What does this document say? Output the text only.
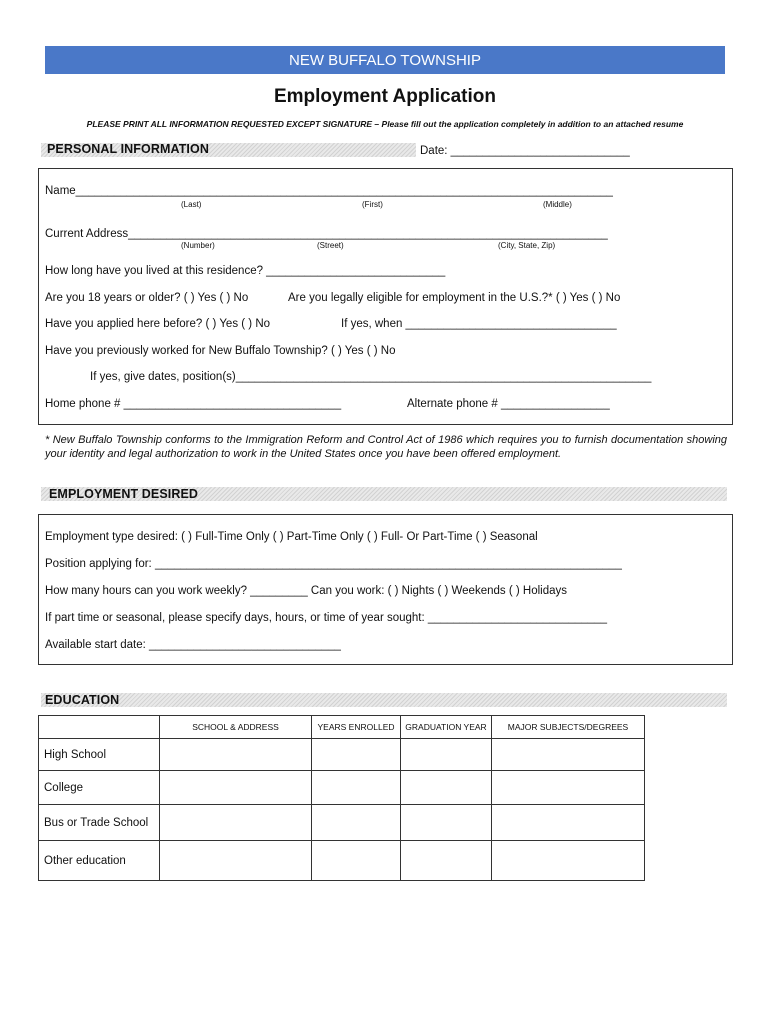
NEW BUFFALO TOWNSHIP
Employment Application
PLEASE PRINT ALL INFORMATION REQUESTED EXCEPT SIGNATURE – Please fill out the application completely in addition to an attached resume
PERSONAL INFORMATION	Date: ____________________________
Name____________________________________________________________________________________
(Last)	(First)	(Middle)
Current Address___________________________________________________________________________
(Number)	(Street)	(City, State, Zip)
How long have you lived at this residence? ____________________________
Are you 18 years or older? ( ) Yes ( ) No	Are you legally eligible for employment in the U.S.?* ( ) Yes ( ) No
Have you applied here before? ( ) Yes ( ) No	If yes, when _________________________________
Have you previously worked for New Buffalo Township? ( ) Yes ( ) No
If yes, give dates, position(s)_________________________________________________________________
Home phone # __________________________________	Alternate phone # _________________
* New Buffalo Township conforms to the Immigration Reform and Control Act of 1986 which requires you to furnish documentation showing your identity and legal authorization to work in the United States once you have been offered employment.
EMPLOYMENT DESIRED
Employment type desired: ( ) Full-Time Only ( ) Part-Time Only ( ) Full- Or Part-Time ( ) Seasonal
Position applying for: _________________________________________________________________________
How many hours can you work weekly? _________ Can you work: ( ) Nights ( ) Weekends ( ) Holidays
If part time or seasonal, please specify days, hours, or time of year sought: ____________________________
Available start date: ______________________________
EDUCATION
	SCHOOL & ADDRESS	YEARS ENROLLED	GRADUATION YEAR	MAJOR SUBJECTS/DEGREES
High School				
College				
Bus or Trade School				
Other education				
